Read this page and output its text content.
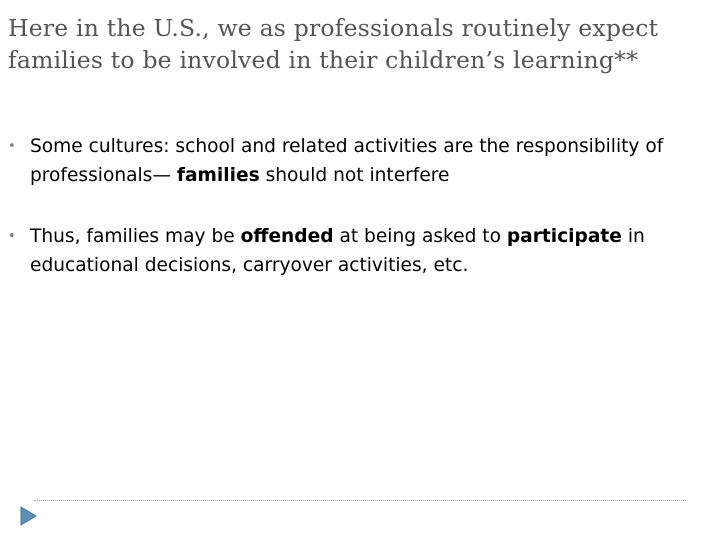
Here in the U.S., we as professionals routinely expect families to be involved in their children’s learning**
• Some cultures: school and related activities are the responsibility of professionals— families should not interfere
• Thus, families may be offended at being asked to participate in educational decisions, carryover activities, etc.
